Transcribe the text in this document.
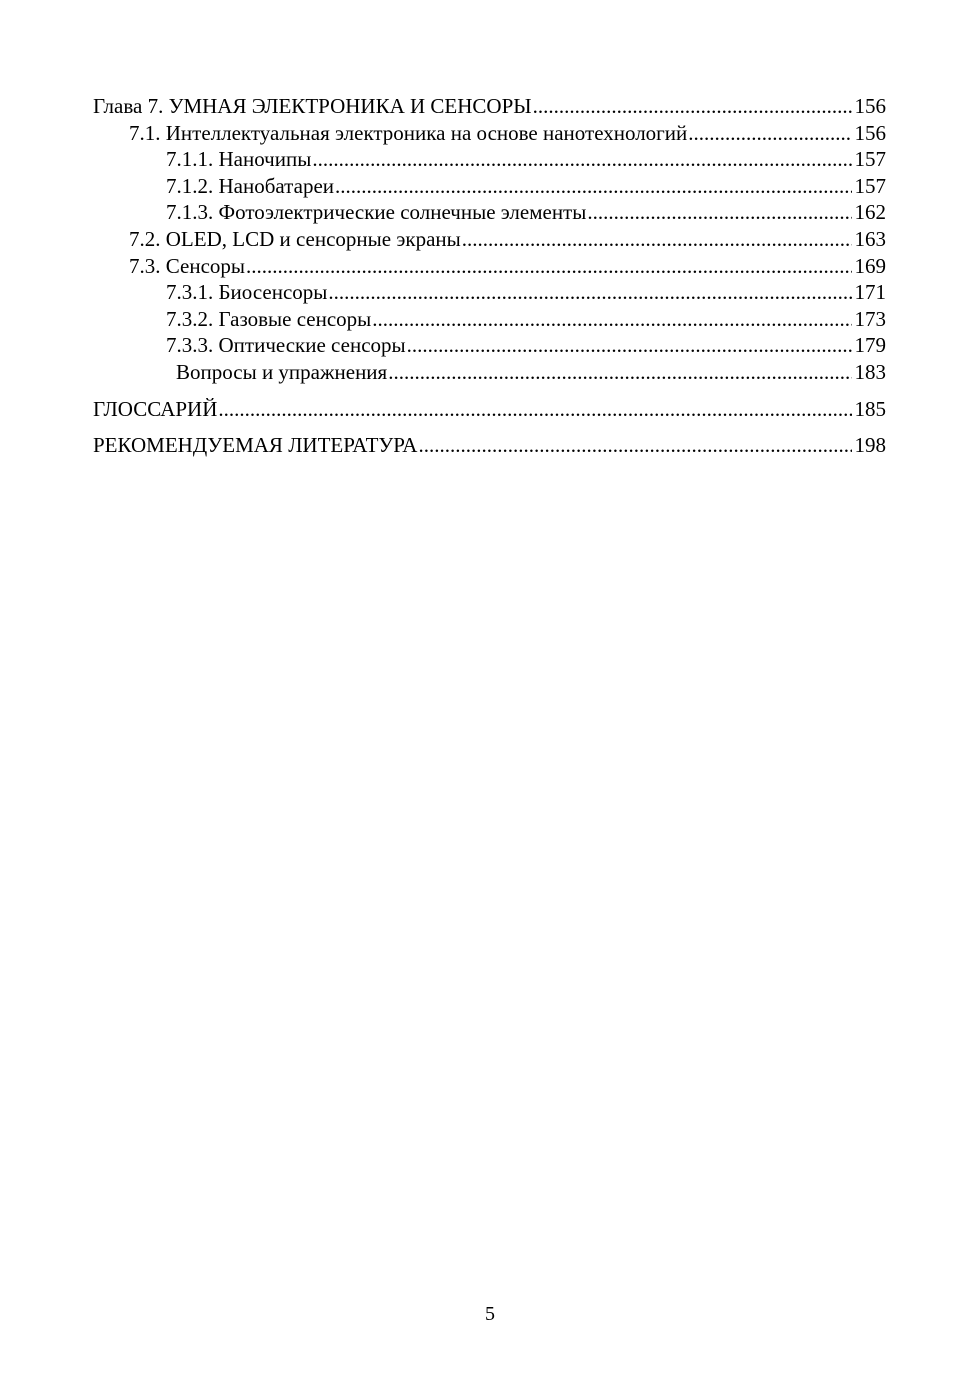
Глава 7. УМНАЯ ЭЛЕКТРОНИКА И СЕНСОРЫ .....	156
7.1. Интеллектуальная электроника на основе нанотехнологий .....	156
7.1.1. Наночипы .....	157
7.1.2. Нанобатареи .....	157
7.1.3. Фотоэлектрические солнечные элементы .....	162
7.2. OLED, LCD и сенсорные экраны .....	163
7.3. Сенсоры .....	169
7.3.1. Биосенсоры .....	171
7.3.2. Газовые сенсоры .....	173
7.3.3. Оптические сенсоры .....	179
Вопросы и упражнения .....	183
ГЛОССАРИЙ .....	185
РЕКОМЕНДУЕМАЯ ЛИТЕРАТУРА .....	198
5
